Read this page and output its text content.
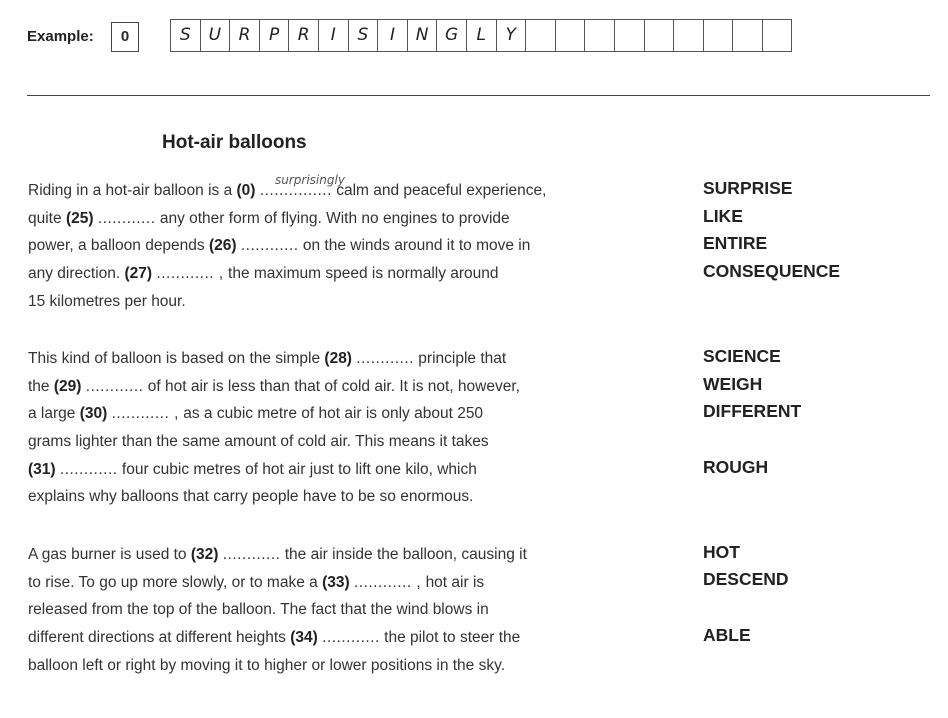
Example:	0	S	U	R	P	R	I	S	I	N G	L	Y
Hot-air balloons
Riding in a hot-air balloon is a (0) ...............
surprisingly
calm and peaceful experience,
quite (25) ............ any other form of flying. With no engines to provide
power, a balloon depends (26) ............ on the winds around it to move in
any direction. (27) ............ , the maximum speed is normally around
15 kilometres per hour.
This kind of balloon is based on the simple (28) ............ principle that
the (29) ............ of hot air is less than that of cold air. It is not, however,
a large (30) ............ , as a cubic metre of hot air is only about 250
grams lighter than the same amount of cold air. This means it takes
(31) ............ four cubic metres of hot air just to lift one kilo, which
explains why balloons that carry people have to be so enormous.
A gas burner is used to (32) ............ the air inside the balloon, causing it
to rise. To go up more slowly, or to make a (33) ............ , hot air is
released from the top of the balloon. The fact that the wind blows in
different directions at different heights (34) ............ the pilot to steer the
balloon left or right by moving it to higher or lower positions in the sky.
SURPRISE
LIKE
ENTIRE
CONSEQUENCE
SCIENCE
WEIGH
DIFFERENT
ROUGH
HOT
DESCEND
ABLE
